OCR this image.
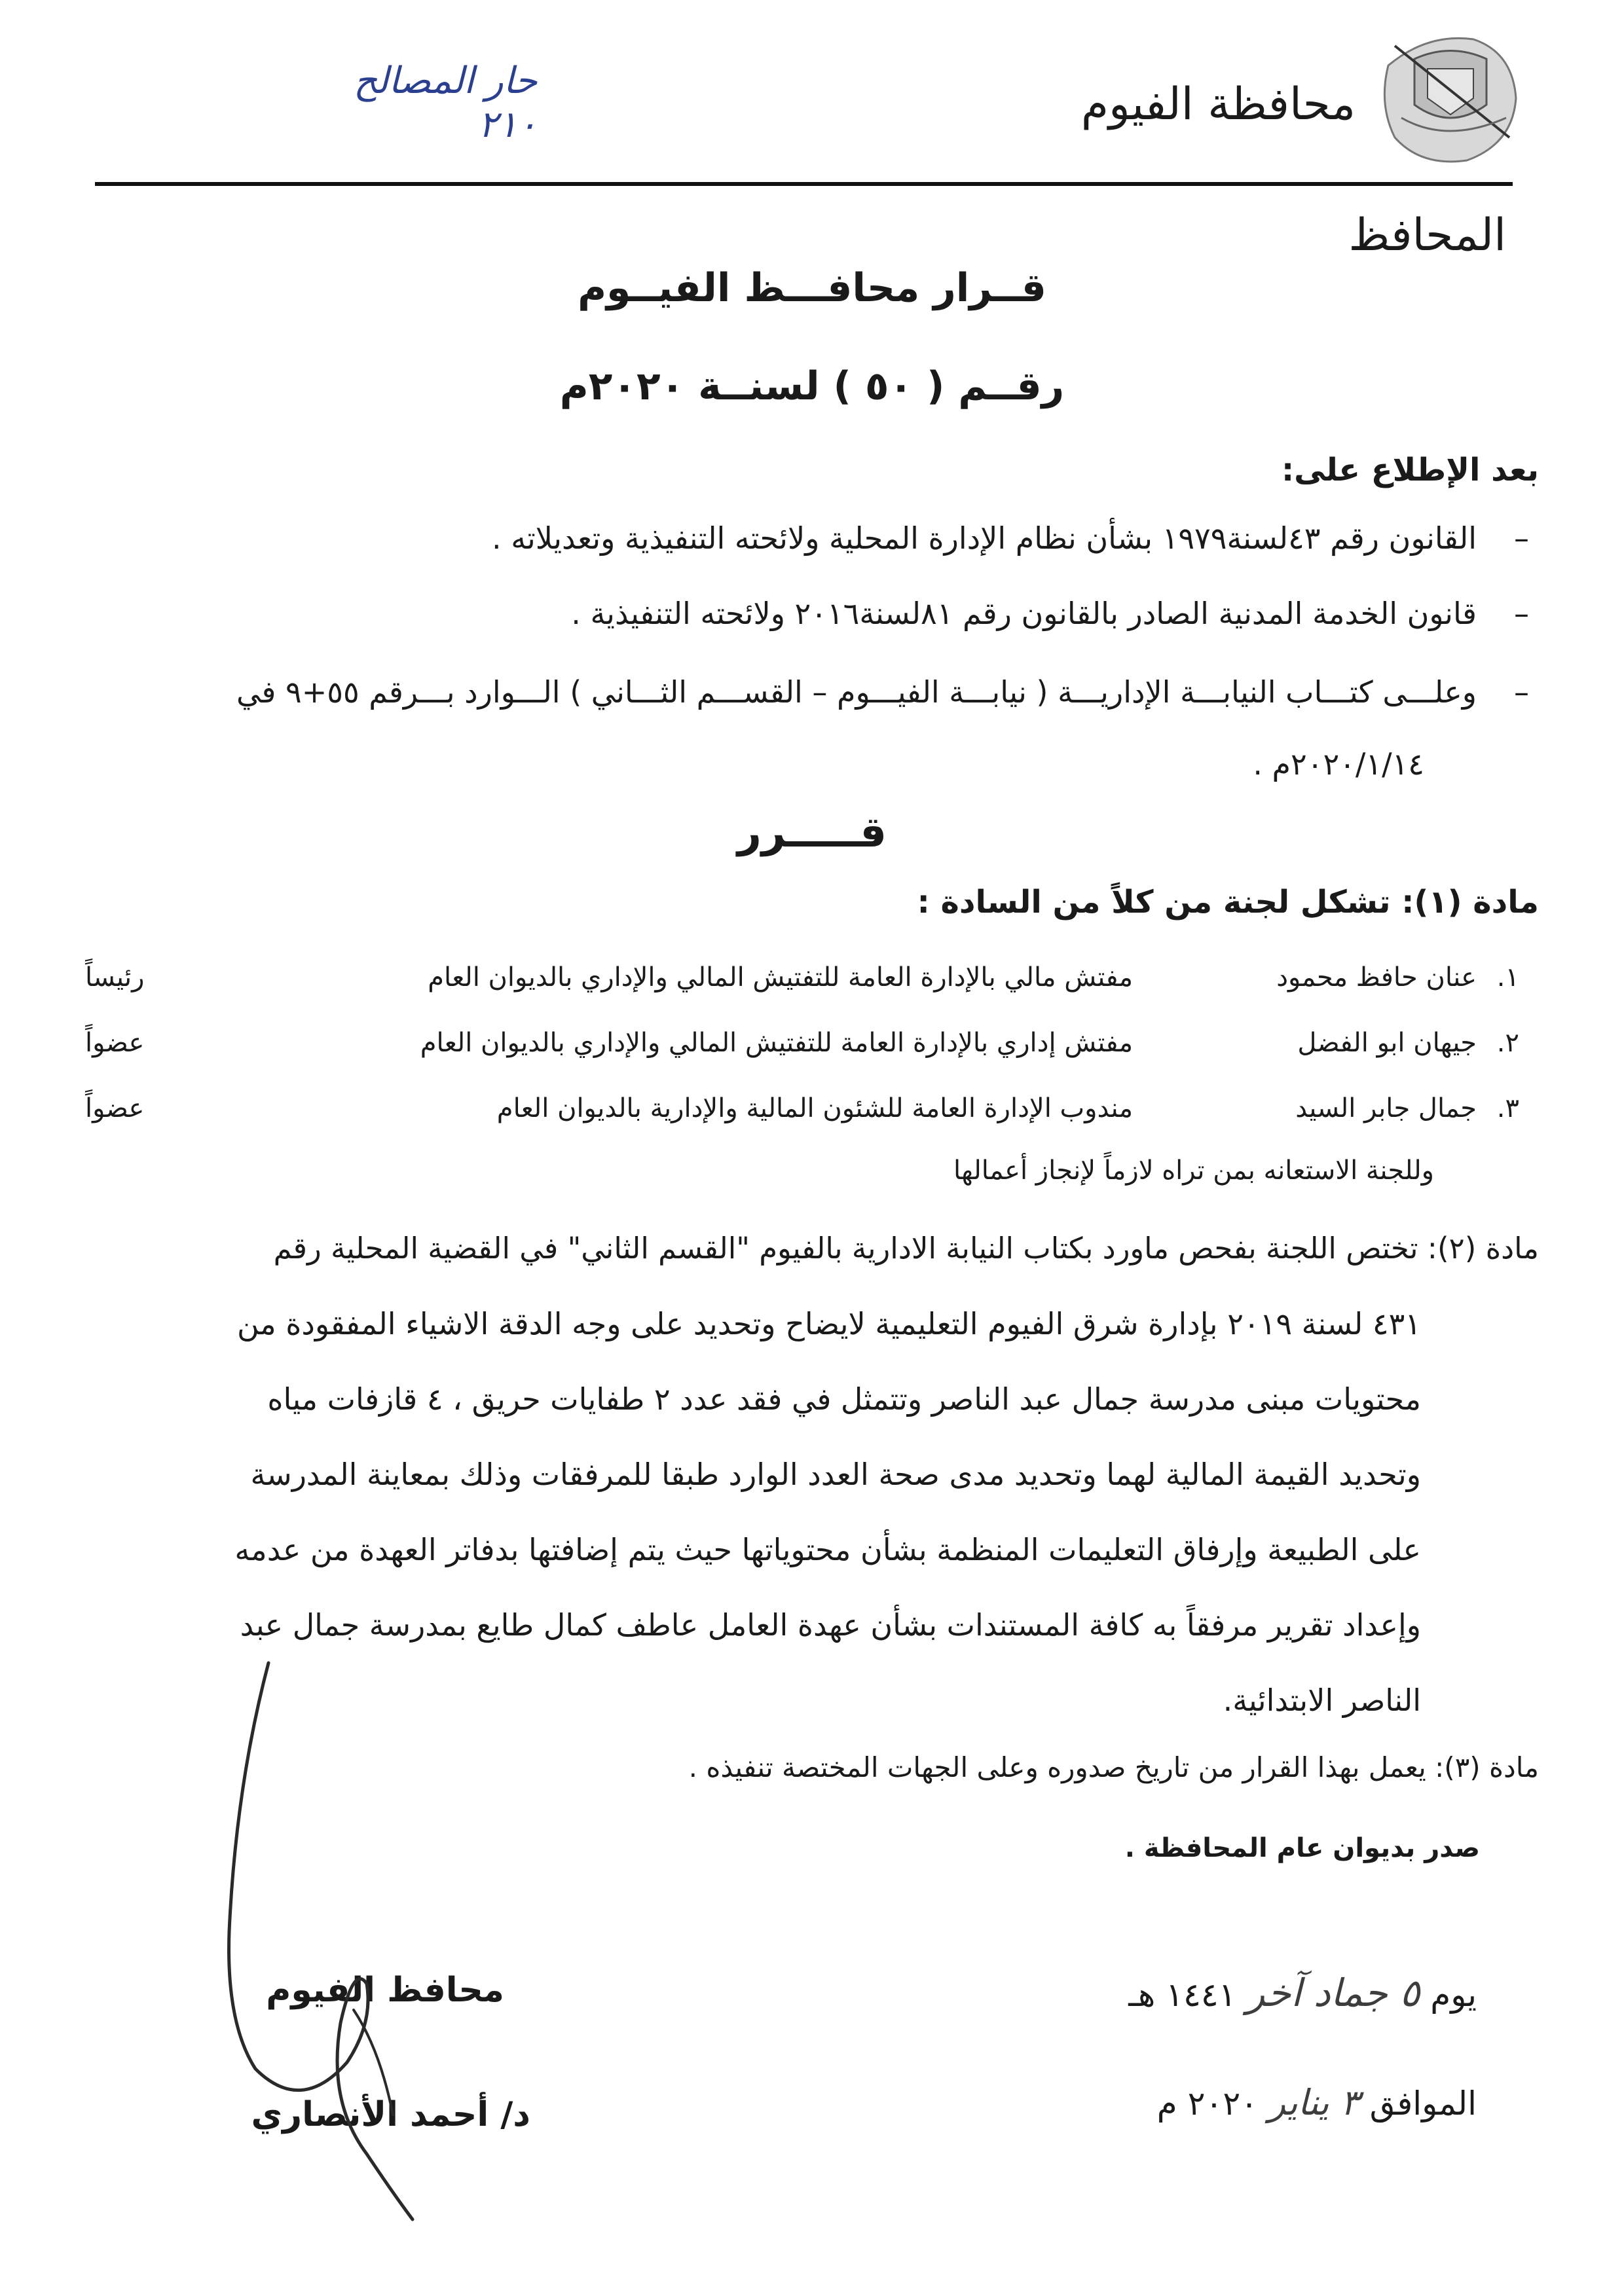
محافظة الفيوم
حار المصالح
٢١٠
المحافظ
قــرار محافـــظ الفيــوم
رقــم ( ٥٠ ) لسنــة ٢٠٢٠م
بعد الإطلاع على:
–
القانون رقم ٤٣لسنة١٩٧٩ بشأن نظام الإدارة المحلية ولائحته التنفيذية وتعديلاته .
–
قانون الخدمة المدنية الصادر بالقانون رقم ٨١لسنة٢٠١٦ ولائحته التنفيذية .
–
وعلـــى كتـــاب النيابـــة الإداريـــة ( نيابـــة الفيـــوم – القســـم الثـــاني ) الـــوارد بـــرقم ٥٥+٩ في
٢٠٢٠/١/١٤م .
قـــــرر
مادة (١): تشكل لجنة من كلاً من السادة :
١.
عنان حافظ محمود
مفتش مالي بالإدارة العامة للتفتيش المالي والإداري بالديوان العام
رئيساً
٢.
جيهان ابو الفضل
مفتش إداري بالإدارة العامة للتفتيش المالي والإداري بالديوان العام
عضواً
٣.
جمال جابر السيد
مندوب الإدارة العامة للشئون المالية والإدارية بالديوان العام
عضواً
وللجنة الاستعانه بمن تراه لازماً لإنجاز أعمالها
مادة (٢): تختص اللجنة بفحص ماورد بكتاب النيابة الادارية بالفيوم "القسم الثاني" في القضية المحلية رقم
٤٣١ لسنة ٢٠١٩ بإدارة شرق الفيوم التعليمية لايضاح وتحديد على وجه الدقة الاشياء المفقودة من
محتويات مبنى مدرسة جمال عبد الناصر وتتمثل في فقد عدد ٢ طفايات حريق ، ٤ قازفات مياه
وتحديد القيمة المالية لهما وتحديد مدى صحة العدد الوارد طبقا للمرفقات وذلك بمعاينة المدرسة
على الطبيعة وإرفاق التعليمات المنظمة بشأن محتوياتها حيث يتم إضافتها بدفاتر العهدة من عدمه
وإعداد تقرير مرفقاً به كافة المستندات بشأن عهدة العامل عاطف كمال طايع بمدرسة جمال عبد
الناصر الابتدائية.
مادة (٣): يعمل بهذا القرار من تاريخ صدوره وعلى الجهات المختصة تنفيذه .
صدر بديوان عام المحافظة .
يوم ٥ جماد آخر ١٤٤١ هـ
الموافق ٣ يناير ٢٠٢٠ م
محافظ الفيوم
د/ أحمد الأنصاري
